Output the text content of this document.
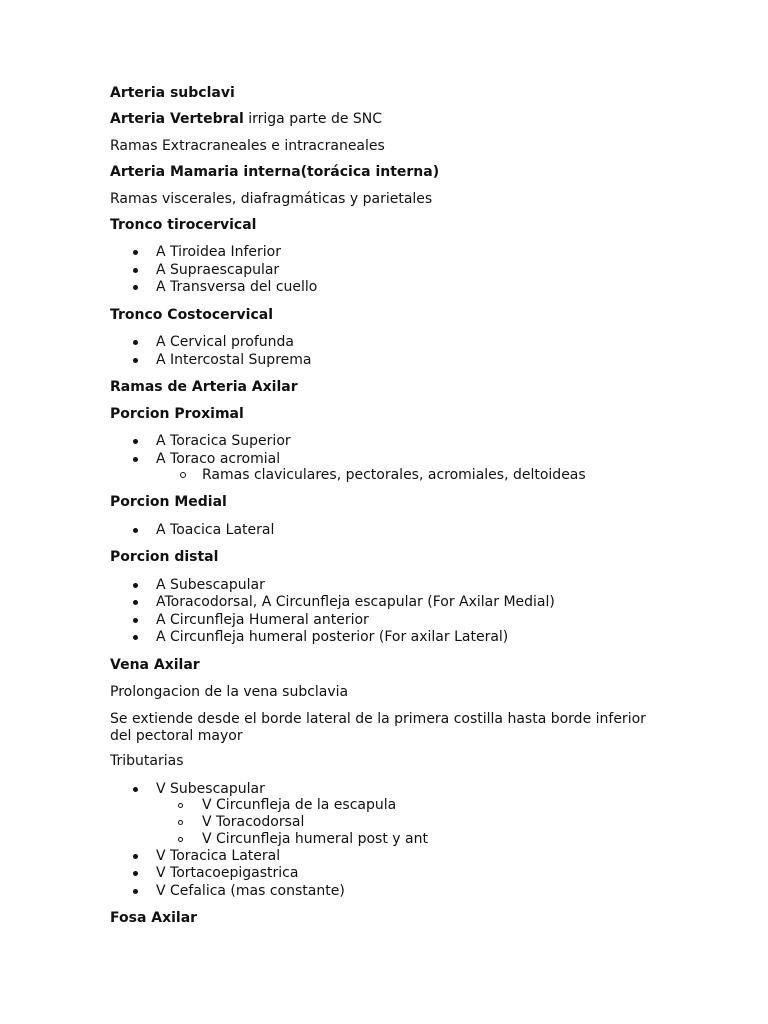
Arteria subclavi
Arteria Vertebral irriga parte de SNC
Ramas Extracraneales e intracraneales
Arteria Mamaria interna(torácica interna)
Ramas viscerales, diafragmáticas y parietales
Tronco tirocervical
A Tiroidea Inferior
A Supraescapular
A Transversa del cuello
Tronco Costocervical
A Cervical profunda
A Intercostal Suprema
Ramas de Arteria Axilar
Porcion Proximal
A Toracica Superior
A Toraco acromial
Ramas claviculares, pectorales, acromiales, deltoideas
Porcion Medial
A Toacica Lateral
Porcion distal
A Subescapular
AToracodorsal, A Circunfleja escapular (For Axilar Medial)
A Circunfleja Humeral anterior
A Circunfleja humeral posterior (For axilar Lateral)
Vena Axilar
Prolongacion de la vena subclavia
Se extiende desde el borde lateral de la primera costilla hasta borde inferior del pectoral mayor
Tributarias
V Subescapular
V Circunfleja de la escapula
V Toracodorsal
V Circunfleja humeral post y ant
V Toracica Lateral
V Tortacoepigastrica
V Cefalica (mas constante)
Fosa Axilar
